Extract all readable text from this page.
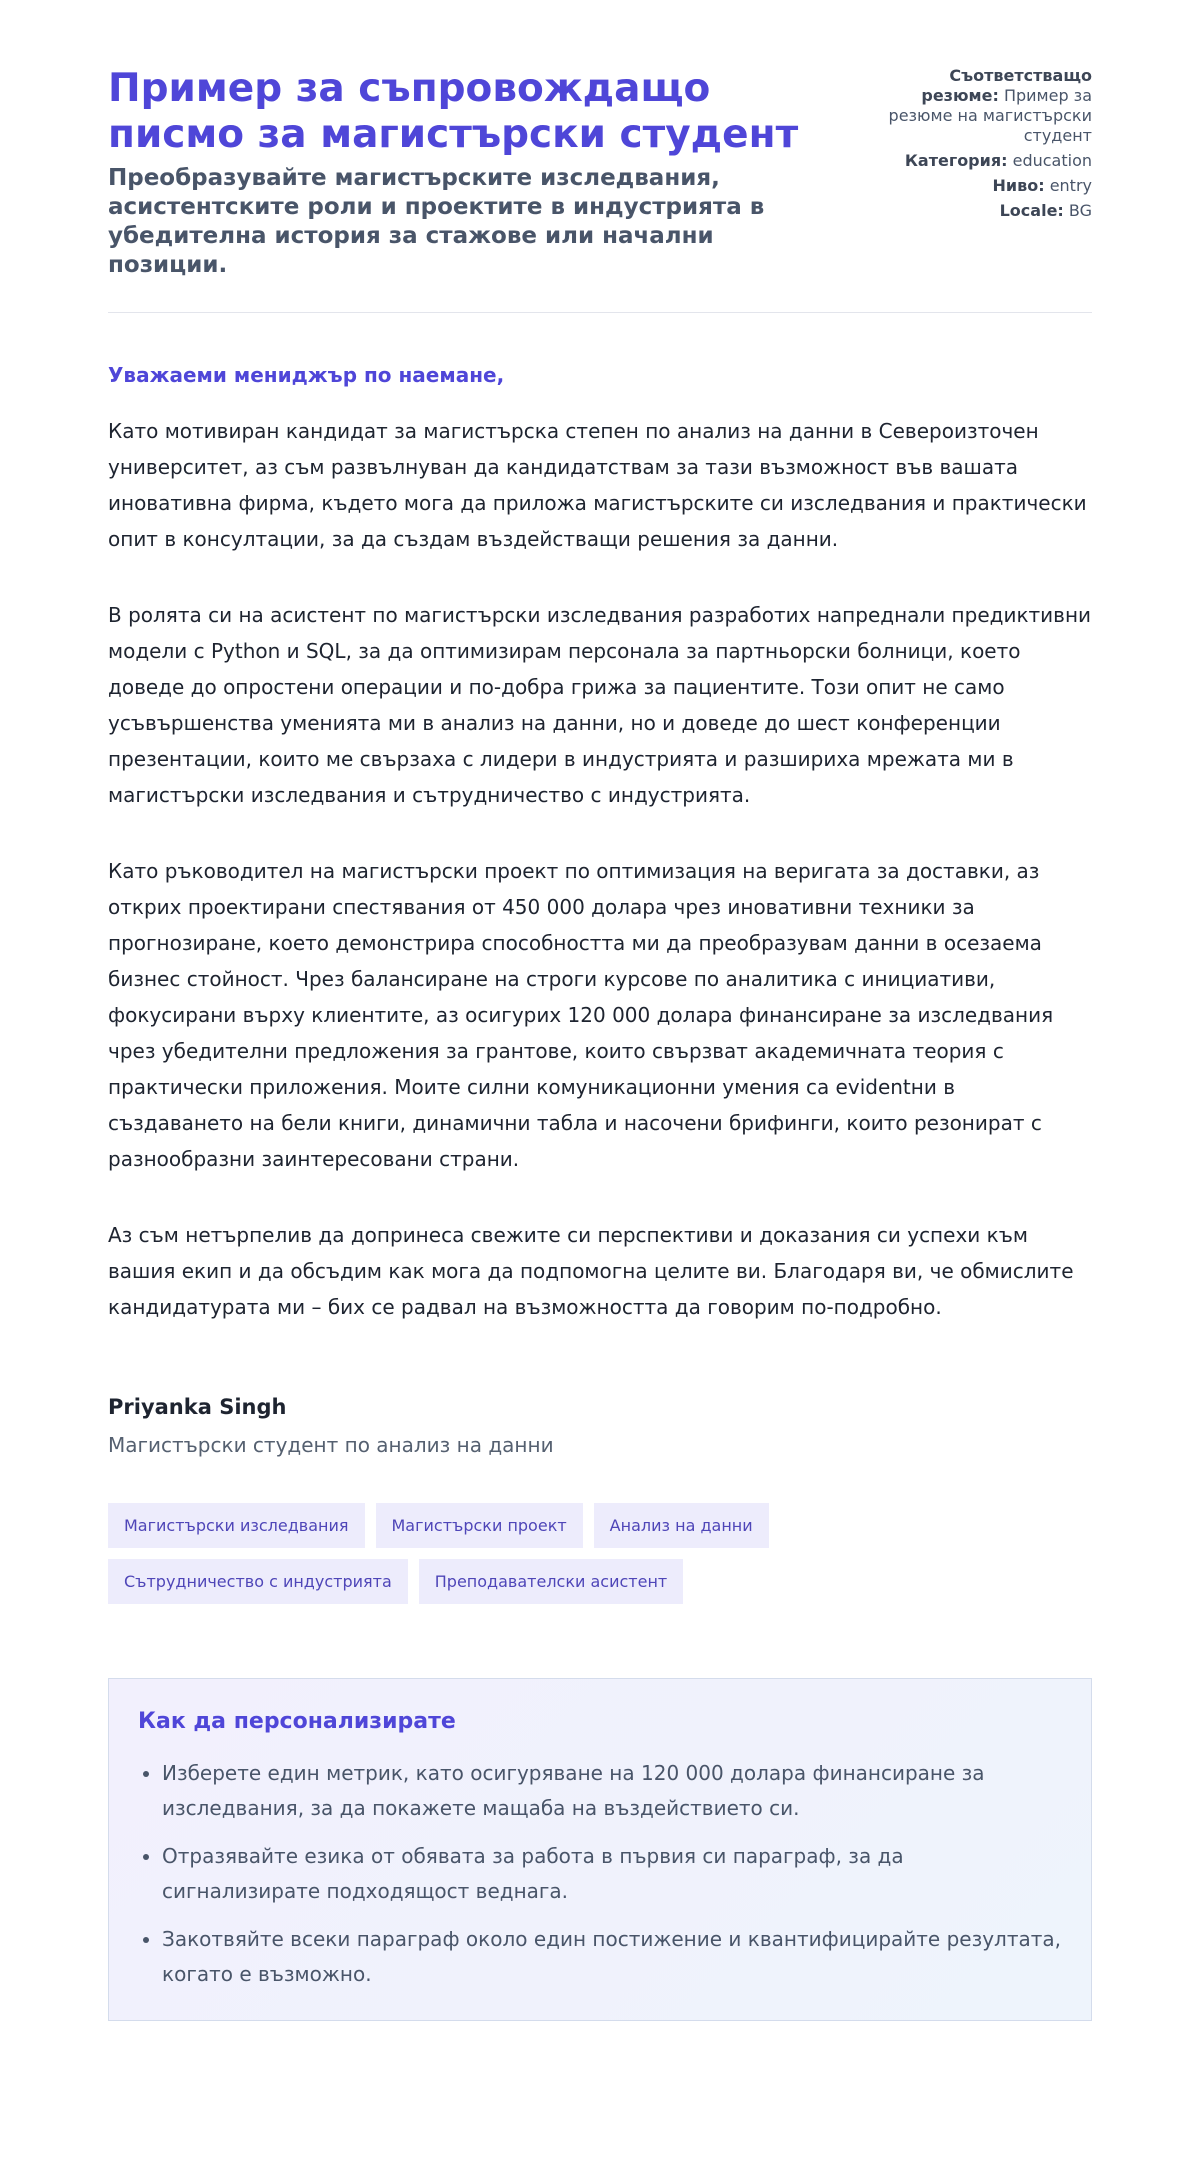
Пример за съпровождащо писмо за магистърски студент

Преобразувайте магистърските изследвания, асистентските роли и проектите в индустрията в убедителна история за стажове или начални позиции.

Съответстващо резюме: Пример за резюме на магистърски студент
Категория: education
Ниво: entry
Locale: BG

Уважаеми мениджър по наемане,

Като мотивиран кандидат за магистърска степен по анализ на данни в Североизточен университет, аз съм развълнуван да кандидатствам за тази възможност във вашата иновативна фирма, където мога да приложа магистърските си изследвания и практически опит в консултации, за да създам въздействащи решения за данни.

В ролята си на асистент по магистърски изследвания разработих напреднали предиктивни модели с Python и SQL, за да оптимизирам персонала за партньорски болници, което доведе до опростени операции и по-добра грижа за пациентите. Този опит не само усъвършенства уменията ми в анализ на данни, но и доведе до шест конференции презентации, които ме свързаха с лидери в индустрията и разшириха мрежата ми в магистърски изследвания и сътрудничество с индустрията.

Като ръководител на магистърски проект по оптимизация на веригата за доставки, аз открих проектирани спестявания от 450 000 долара чрез иновативни техники за прогнозиране, което демонстрира способността ми да преобразувам данни в осезаема бизнес стойност. Чрез балансиране на строги курсове по аналитика с инициативи, фокусирани върху клиентите, аз осигурих 120 000 долара финансиране за изследвания чрез убедителни предложения за грантове, които свързват академичната теория с практически приложения. Моите силни комуникационни умения са evidentни в създаването на бели книги, динамични табла и насочени брифинги, които резонират с разнообразни заинтересовани страни.

Аз съм нетърпелив да допринеса свежите си перспективи и доказания си успехи към вашия екип и да обсъдим как мога да подпомогна целите ви. Благодаря ви, че обмислите кандидатурата ми – бих се радвал на възможността да говорим по-подробно.

Priyanka Singh

Магистърски студент по анализ на данни

Магистърски изследвания	Магистърски проект	Анализ на данни
Сътрудничество с индустрията	Преподавателски асистент
Как да персонализирате
• Изберете един метрик, като осигуряване на 120 000 долара финансиране за изследвания, за да покажете мащаба на въздействието си.
• Отразявайте езика от обявата за работа в първия си параграф, за да сигнализирате подходящост веднага.
• Закотвяйте всеки параграф около един постижение и квантифицирайте резултата, когато е възможно.
